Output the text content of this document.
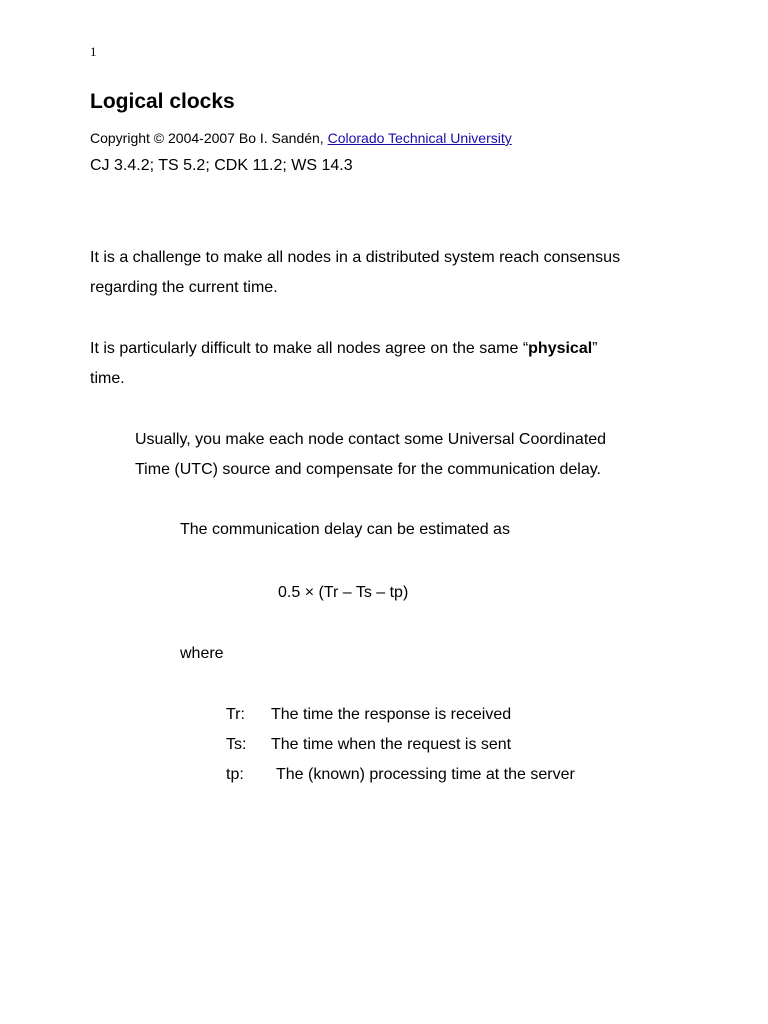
1
Logical clocks
Copyright © 2004-2007 Bo I. Sandén, Colorado Technical University
CJ 3.4.2; TS 5.2; CDK 11.2; WS 14.3
It is a challenge to make all nodes in a distributed system reach consensus
regarding the current time.
It is particularly difficult to make all nodes agree on the same “physical”
time.
Usually, you make each node contact some Universal Coordinated
Time (UTC) source and compensate for the communication delay.
The communication delay can be estimated as
0.5 × (Tr – Ts – tp)
where
Tr: The time the response is received
Ts: The time when the request is sent
tp: The (known) processing time at the server
